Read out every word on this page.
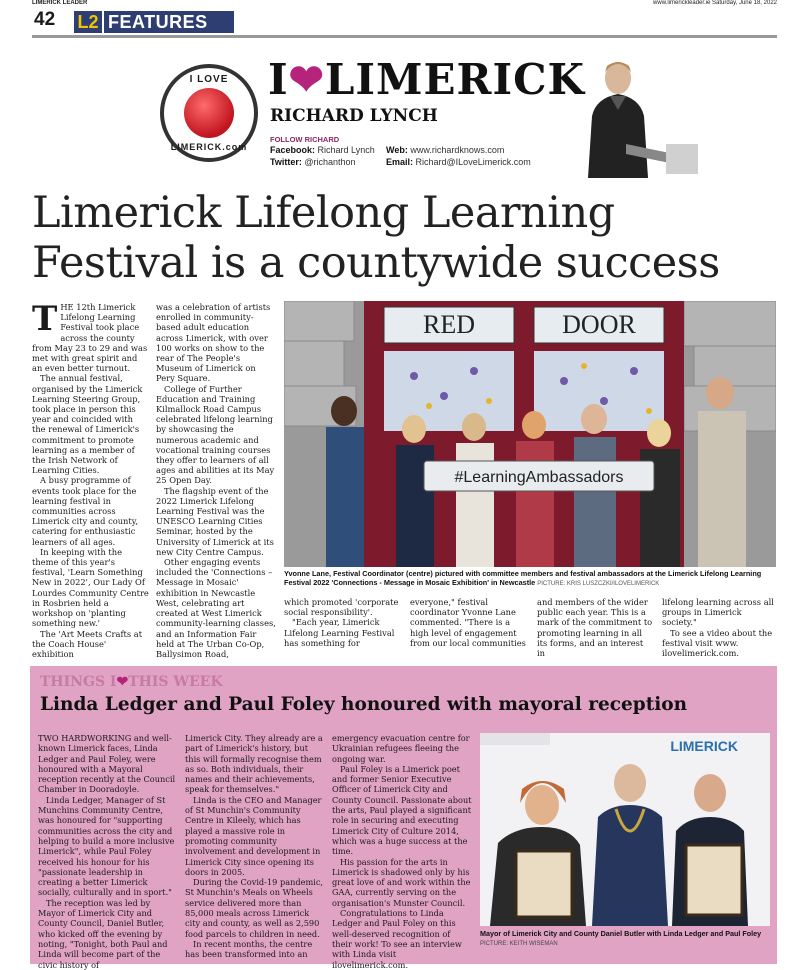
LIMERICK LEADER	www.limerickleader.ie Saturday, June 18, 2022
42 L2 FEATURES
I LOVE
LIMERICK.com
I❤LIMERICK
RICHARD LYNCH
FOLLOW RICHARD
Facebook: Richard Lynch
Twitter: @richanthon
Web: www.richardknows.com
Email: Richard@ILoveLimerick.com
Limerick Lifelong Learning Festival is a countywide success

THE 12th Limerick Lifelong Learning Festival took place across the county from May 23 to 29 and was met with great spirit and an even better turnout.

The annual festival, organised by the Limerick Learning Steering Group, took place in person this year and coincided with the renewal of Limerick's commitment to promote learning as a member of the Irish Network of Learning Cities.

A busy programme of events took place for the learning festival in communities across Limerick city and county, catering for enthusiastic learners of all ages.

In keeping with the theme of this year's festival, 'Learn Something New in 2022', Our Lady Of Lourdes Community Centre in Rosbrien held a workshop on 'planting something new.'

The 'Art Meets Crafts at the Coach House' exhibition

was a celebration of artists enrolled in community-based adult education across Limerick, with over 100 works on show to the rear of The People's Museum of Limerick on Pery Square.

College of Further Education and Training Kilmallock Road Campus celebrated lifelong learning by showcasing the numerous academic and vocational training courses they offer to learners of all ages and abilities at its May 25 Open Day.

The flagship event of the 2022 Limerick Lifelong Learning Festival was the UNESCO Learning Cities Seminar, hosted by the University of Limerick at its new City Centre Campus.

Other engaging events included the 'Connections – Message in Mosaic' exhibition in Newcastle West, celebrating art created at West Limerick community-learning classes, and an Information Fair held at The Urban Co-Op, Ballysimon Road,

RED	DOOR
#LearningAmbassadors
Yvonne Lane, Festival Coordinator (centre) pictured with committee members and festival ambassadors at the Limerick Lifelong Learning Festival 2022 'Connections - Message in Mosaic Exhibition' in Newcastle PICTURE: KRIS LUSZCZKI/ILOVELIMERICK

which promoted 'corporate social responsibility'.

"Each year, Limerick Lifelong Learning Festival has something for

everyone," festival coordinator Yvonne Lane commented. "There is a high level of engagement from our local communities

and members of the wider public each year. This is a mark of the commitment to promoting learning in all its forms, and an interest in

lifelong learning across all groups in Limerick society."

To see a video about the festival visit www. ilovelimerick.com.

THINGS I❤THIS WEEK
Linda Ledger and Paul Foley honoured with mayoral reception

TWO HARDWORKING and well-known Limerick faces, Linda Ledger and Paul Foley, were honoured with a Mayoral reception recently at the Council Chamber in Dooradoyle.

Linda Ledger, Manager of St Munchins Community Centre, was honoured for "supporting communities across the city and helping to build a more inclusive Limerick", while Paul Foley received his honour for his "passionate leadership in creating a better Limerick socially, culturally and in sport."

The reception was led by Mayor of Limerick City and County Council, Daniel Butler, who kicked off the evening by noting, "Tonight, both Paul and Linda will become part of the civic history of

Limerick City. They already are a part of Limerick's history, but this will formally recognise them as so. Both individuals, their names and their achievements, speak for themselves."

Linda is the CEO and Manager of St Munchin's Community Centre in Kileely, which has played a massive role in promoting community involvement and development in Limerick City since opening its doors in 2005.

During the Covid-19 pandemic, St Munchin's Meals on Wheels service delivered more than 85,000 meals across Limerick city and county, as well as 2,590 food parcels to children in need.

In recent months, the centre has been transformed into an

emergency evacuation centre for Ukrainian refugees fleeing the ongoing war.

Paul Foley is a Limerick poet and former Senior Executive Officer of Limerick City and County Council. Passionate about the arts, Paul played a significant role in securing and executing Limerick City of Culture 2014, which was a huge success at the time.

His passion for the arts in Limerick is shadowed only by his great love of and work within the GAA, currently serving on the organisation's Munster Council.

Congratulations to Linda Ledger and Paul Foley on this well-deserved recognition of their work! To see an interview with Linda visit ilovelimerick.com.

LIMERICK
Mayor of Limerick City and County Daniel Butler with Linda Ledger and Paul Foley PICTURE: KEITH WISEMAN
